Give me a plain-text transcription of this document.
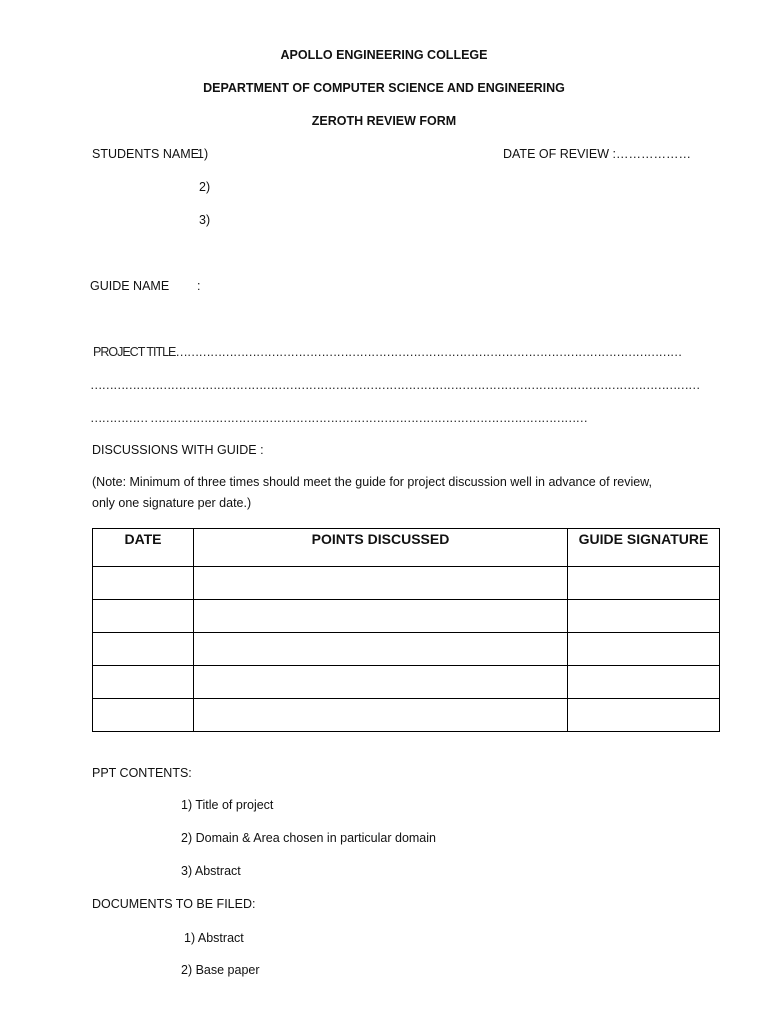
APOLLO ENGINEERING COLLEGE
DEPARTMENT OF COMPUTER SCIENCE AND ENGINEERING
ZEROTH REVIEW FORM
STUDENTS NAME
1)	DATE OF REVIEW :………………
2)
3)
GUIDE NAME :
PROJECT TITLE……………………………………………………………………………………………………………………
……………………………………………………………………………………………………………………………………………
…………… ……………………………………………………………………………………………………
DISCUSSIONS WITH GUIDE :
(Note: Minimum of three times should meet the guide for project discussion well in advance of review,
only one signature per date.)
DATE	POINTS DISCUSSED	GUIDE SIGNATURE

PPT CONTENTS:
1) Title of project
2) Domain & Area chosen in particular domain
3) Abstract
DOCUMENTS TO BE FILED:
1) Abstract
2) Base paper
